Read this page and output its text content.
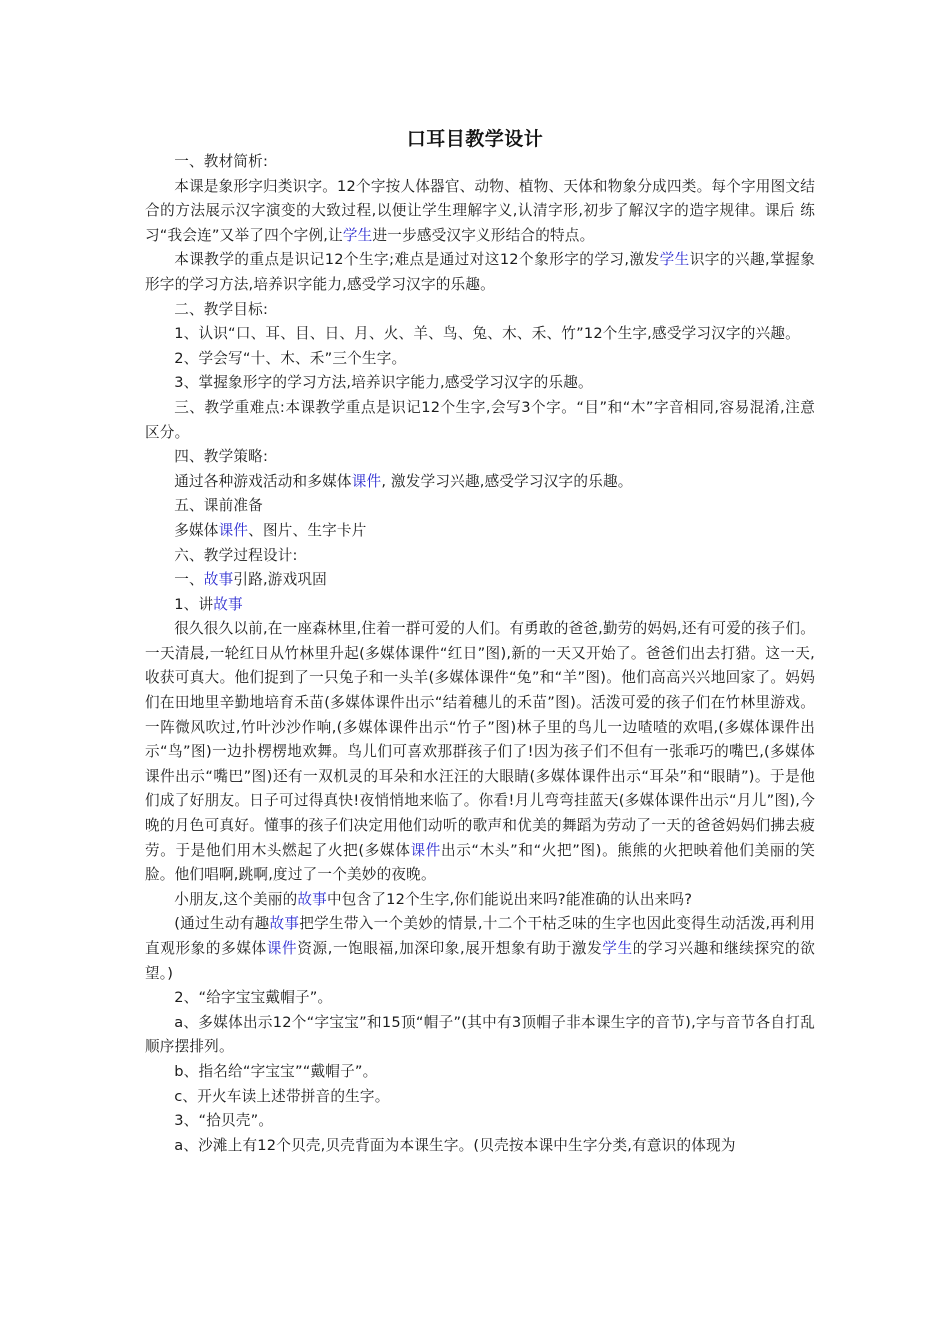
口耳目教学设计

一、教材简析:

本课是象形字归类识字。12个字按人体器官、动物、植物、天体和物象分成四类。每个字用图文结合的方法展示汉字演变的大致过程,以便让学生理解字义,认清字形,初步了解汉字的造字规律。课后 练习“我会连”又举了四个字例,让学生进一步感受汉字义形结合的特点。

本课教学的重点是识记12个生字;难点是通过对这12个象形字的学习,激发学生识字的兴趣,掌握象形字的学习方法,培养识字能力,感受学习汉字的乐趣。

二、教学目标:

1、认识“口、耳、目、日、月、火、羊、鸟、兔、木、禾、竹”12个生字,感受学习汉字的兴趣。

2、学会写“十、木、禾”三个生字。

3、掌握象形字的学习方法,培养识字能力,感受学习汉字的乐趣。

三、教学重难点:本课教学重点是识记12个生字,会写3个字。“目”和“木”字音相同,容易混淆,注意区分。

四、教学策略:

通过各种游戏活动和多媒体课件, 激发学习兴趣,感受学习汉字的乐趣。

五、课前准备

多媒体课件、图片、生字卡片

六、教学过程设计:

一、故事引路,游戏巩固

1、讲故事

很久很久以前,在一座森林里,住着一群可爱的人们。有勇敢的爸爸,勤劳的妈妈,还有可爱的孩子们。一天清晨,一轮红日从竹林里升起(多媒体课件“红日”图),新的一天又开始了。爸爸们出去打猎。这一天,收获可真大。他们捉到了一只兔子和一头羊(多媒体课件“兔”和“羊”图)。他们高高兴兴地回家了。妈妈们在田地里辛勤地培育禾苗(多媒体课件出示“结着穗儿的禾苗”图)。活泼可爱的孩子们在竹林里游戏。一阵微风吹过,竹叶沙沙作响,(多媒体课件出示“竹子”图)林子里的鸟儿一边喳喳的欢唱,(多媒体课件出示“鸟”图)一边扑楞楞地欢舞。鸟儿们可喜欢那群孩子们了!因为孩子们不但有一张乖巧的嘴巴,(多媒体课件出示“嘴巴”图)还有一双机灵的耳朵和水汪汪的大眼睛(多媒体课件出示“耳朵”和“眼睛”)。于是他们成了好朋友。日子可过得真快!夜悄悄地来临了。你看!月儿弯弯挂蓝天(多媒体课件出示“月儿”图),今晚的月色可真好。懂事的孩子们决定用他们动听的歌声和优美的舞蹈为劳动了一天的爸爸妈妈们拂去疲劳。于是他们用木头燃起了火把(多媒体课件出示“木头”和“火把”图)。熊熊的火把映着他们美丽的笑脸。他们唱啊,跳啊,度过了一个美妙的夜晚。

小朋友,这个美丽的故事中包含了12个生字,你们能说出来吗?能准确的认出来吗?

(通过生动有趣故事把学生带入一个美妙的情景,十二个干枯乏味的生字也因此变得生动活泼,再利用直观形象的多媒体课件资源,一饱眼福,加深印象,展开想象有助于激发学生的学习兴趣和继续探究的欲望。)

2、“给字宝宝戴帽子”。

a、多媒体出示12个“字宝宝”和15顶“帽子”(其中有3顶帽子非本课生字的音节),字与音节各自打乱顺序摆排列。

b、指名给“字宝宝”“戴帽子”。

c、开火车读上述带拼音的生字。

3、“拾贝壳”。

a、沙滩上有12个贝壳,贝壳背面为本课生字。(贝壳按本课中生字分类,有意识的体现为
